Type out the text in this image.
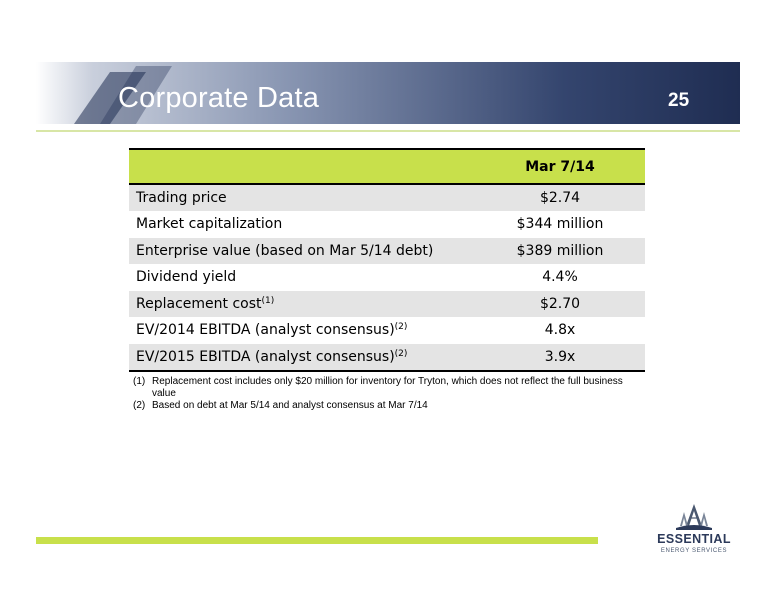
Corporate Data	25
	Mar 7/14
Trading price	$2.74
Market capitalization	$344 million
Enterprise value (based on Mar 5/14 debt)	$389 million
Dividend yield	4.4%
Replacement cost$^{(1)}$	$2.70
EV/2014 EBITDA (analyst consensus)$^{(2)}$	4.8x
EV/2015 EBITDA (analyst consensus)$^{(2)}$	3.9x
(1) Replacement cost includes only $20 million for inventory for Tryton, which does not reflect the full business value
(2) Based on debt at Mar 5/14 and analyst consensus at Mar 7/14
ESSENTIAL
ENERGY SERVICES
